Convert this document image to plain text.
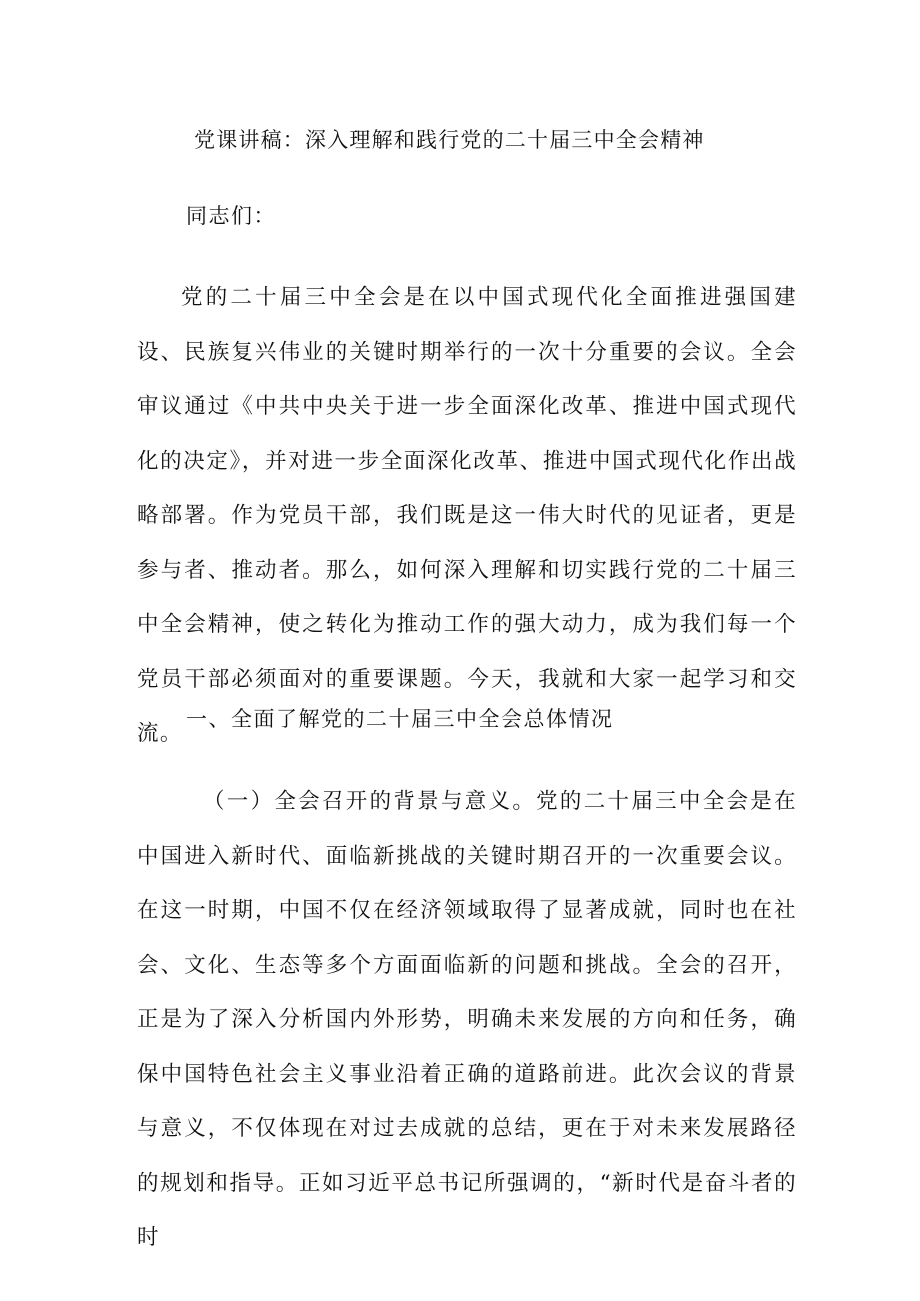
党课讲稿：深入理解和践行党的二十届三中全会精神
同志们：

党的二十届三中全会是在以中国式现代化全面推进强国建设、民族复兴伟业的关键时期举行的一次十分重要的会议。全会审议通过《中共中央关于进一步全面深化改革、推进中国式现代化的决定》，并对进一步全面深化改革、推进中国式现代化作出战略部署。作为党员干部，我们既是这一伟大时代的见证者，更是参与者、推动者。那么，如何深入理解和切实践行党的二十届三中全会精神，使之转化为推动工作的强大动力，成为我们每一个党员干部必须面对的重要课题。今天，我就和大家一起学习和交流。

一、全面了解党的二十届三中全会总体情况

（一）全会召开的背景与意义。党的二十届三中全会是在中国进入新时代、面临新挑战的关键时期召开的一次重要会议。在这一时期，中国不仅在经济领域取得了显著成就，同时也在社会、文化、生态等多个方面面临新的问题和挑战。全会的召开，正是为了深入分析国内外形势，明确未来发展的方向和任务，确保中国特色社会主义事业沿着正确的道路前进。此次会议的背景与意义，不仅体现在对过去成就的总结，更在于对未来发展路径的规划和指导。正如习近平总书记所强调的，“新时代是奋斗者的时
